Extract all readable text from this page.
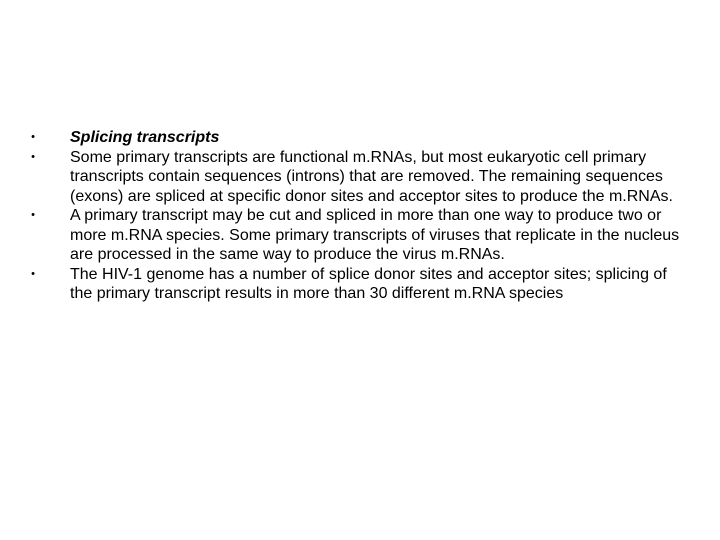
• Splicing transcripts
• Some primary transcripts are functional m.RNAs, but most eukaryotic cell primary transcripts contain sequences (introns) that are removed. The remaining sequences (exons) are spliced at specific donor sites and acceptor sites to produce the m.RNAs.
• A primary transcript may be cut and spliced in more than one way to produce two or more m.RNA species. Some primary transcripts of viruses that replicate in the nucleus are processed in the same way to produce the virus m.RNAs.
• The HIV-1 genome has a number of splice donor sites and acceptor sites; splicing of the primary transcript results in more than 30 different m.RNA species
